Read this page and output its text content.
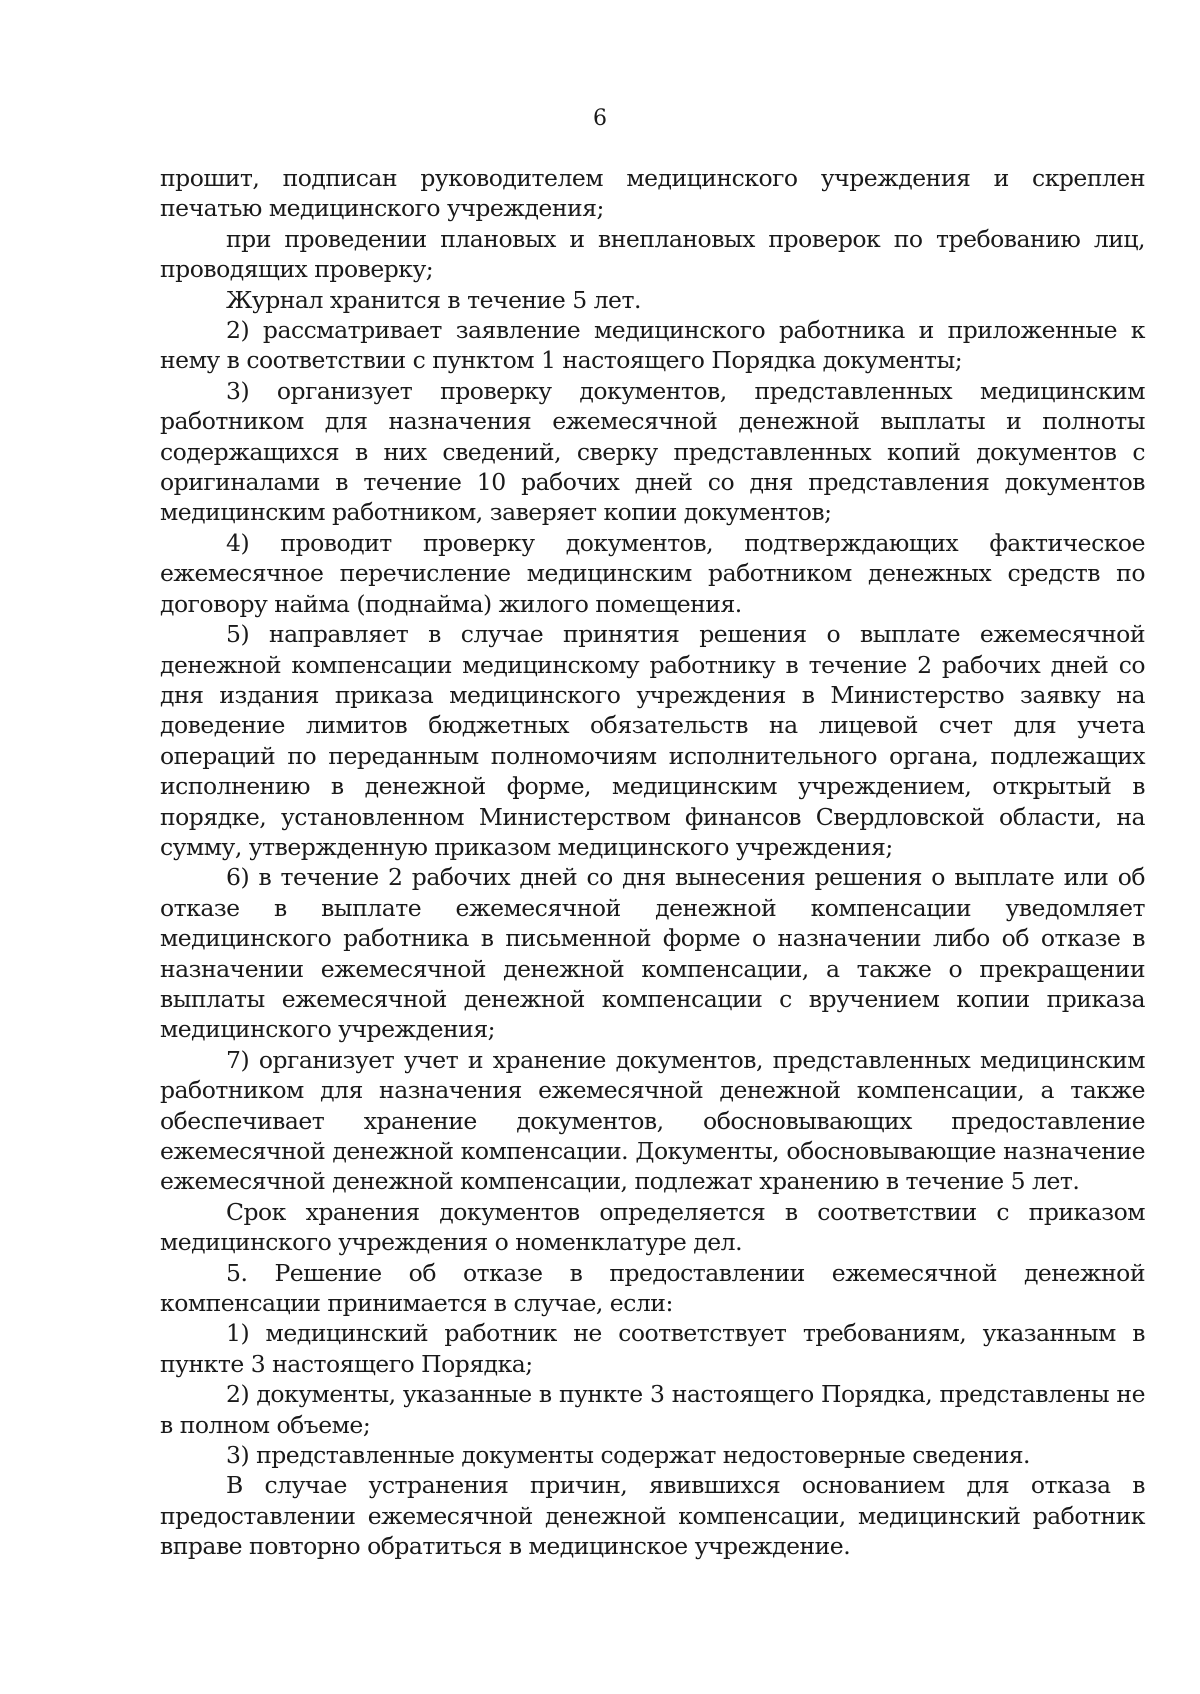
6

прошит, подписан руководителем медицинского учреждения и скреплен печатью медицинского учреждения;

при проведении плановых и внеплановых проверок по требованию лиц, проводящих проверку;

Журнал хранится в течение 5 лет.

2) рассматривает заявление медицинского работника и приложенные к нему в соответствии с пунктом 1 настоящего Порядка документы;

3) организует проверку документов, представленных медицинским работником для назначения ежемесячной денежной выплаты и полноты содержащихся в них сведений, сверку представленных копий документов с оригиналами в течение 10 рабочих дней со дня представления документов медицинским работником, заверяет копии документов;

4) проводит проверку документов, подтверждающих фактическое ежемесячное перечисление медицинским работником денежных средств по договору найма (поднайма) жилого помещения.

5) направляет в случае принятия решения о выплате ежемесячной денежной компенсации медицинскому работнику в течение 2 рабочих дней со дня издания приказа медицинского учреждения в Министерство заявку на доведение лимитов бюджетных обязательств на лицевой счет для учета операций по переданным полномочиям исполнительного органа, подлежащих исполнению в денежной форме, медицинским учреждением, открытый в порядке, установленном Министерством финансов Свердловской области, на сумму, утвержденную приказом медицинского учреждения;

6) в течение 2 рабочих дней со дня вынесения решения о выплате или об отказе в выплате ежемесячной денежной компенсации уведомляет медицинского работника в письменной форме о назначении либо об отказе в назначении ежемесячной денежной компенсации, а также о прекращении выплаты ежемесячной денежной компенсации с вручением копии приказа медицинского учреждения;

7) организует учет и хранение документов, представленных медицинским работником для назначения ежемесячной денежной компенсации, а также обеспечивает хранение документов, обосновывающих предоставление ежемесячной денежной компенсации. Документы, обосновывающие назначение ежемесячной денежной компенсации, подлежат хранению в течение 5 лет.

Срок хранения документов определяется в соответствии с приказом медицинского учреждения о номенклатуре дел.

5. Решение об отказе в предоставлении ежемесячной денежной компенсации принимается в случае, если:

1) медицинский работник не соответствует требованиям, указанным в пункте 3 настоящего Порядка;

2) документы, указанные в пункте 3 настоящего Порядка, представлены не в полном объеме;

3) представленные документы содержат недостоверные сведения.

В случае устранения причин, явившихся основанием для отказа в предоставлении ежемесячной денежной компенсации, медицинский работник вправе повторно обратиться в медицинское учреждение.
